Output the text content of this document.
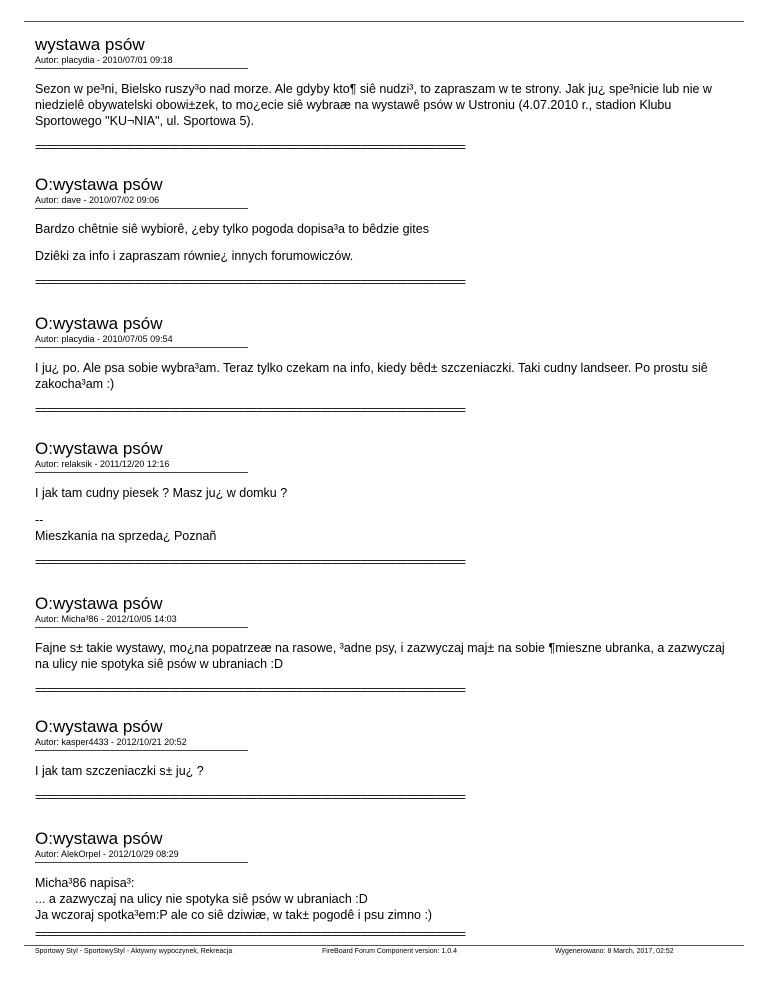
wystawa psów
Autor: placydia - 2010/07/01 09:18

Sezon w pe³ni, Bielsko ruszy³o nad morze. Ale gdyby kto¶ siê nudzi³, to zapraszam w te strony. Jak ju¿ spe³nicie lub nie w niedzielê obywatelski obowi±zek, to mo¿ecie siê wybraæ na wystawê psów w Ustroniu (4.07.2010 r., stadion Klubu Sportowego "KU¬NIA", ul. Sportowa 5).

==========================================================================
O:wystawa psów
Autor: dave - 2010/07/02 09:06

Bardzo chêtnie siê wybiorê, ¿eby tylko pogoda dopisa³a to bêdzie gites

Dziêki za info i zapraszam równie¿ innych forumowiczów.

==========================================================================
O:wystawa psów
Autor: placydia - 2010/07/05 09:54

I ju¿ po. Ale psa sobie wybra³am. Teraz tylko czekam na info, kiedy bêd± szczeniaczki. Taki cudny landseer. Po prostu siê zakocha³am :)

==========================================================================
O:wystawa psów
Autor: relaksik - 2011/12/20 12:16

I jak tam cudny piesek ? Masz ju¿ w domku ?

--
Mieszkania na sprzeda¿ Poznañ

==========================================================================
O:wystawa psów
Autor: Micha³86 - 2012/10/05 14:03

Fajne s± takie wystawy, mo¿na popatrzeæ na rasowe, ³adne psy, i zazwyczaj maj± na sobie ¶mieszne ubranka, a zazwyczaj na ulicy nie spotyka siê psów w ubraniach :D

==========================================================================
O:wystawa psów
Autor: kasper4433 - 2012/10/21 20:52

I jak tam szczeniaczki s± ju¿ ?

==========================================================================
O:wystawa psów
Autor: AlekOrpel - 2012/10/29 08:29

Micha³86 napisa³:
... a zazwyczaj na ulicy nie spotyka siê psów w ubraniach :D
Ja wczoraj spotka³em:P ale co siê dziwiæ, w tak± pogodê i psu zimno :)

==========================================================================
Sportowy Styl - SportowyStyl - Aktywny wypoczynek, Rekreacja	FireBoard Forum Component version: 1.0.4	Wygenerowano: 8 March, 2017, 02:52
